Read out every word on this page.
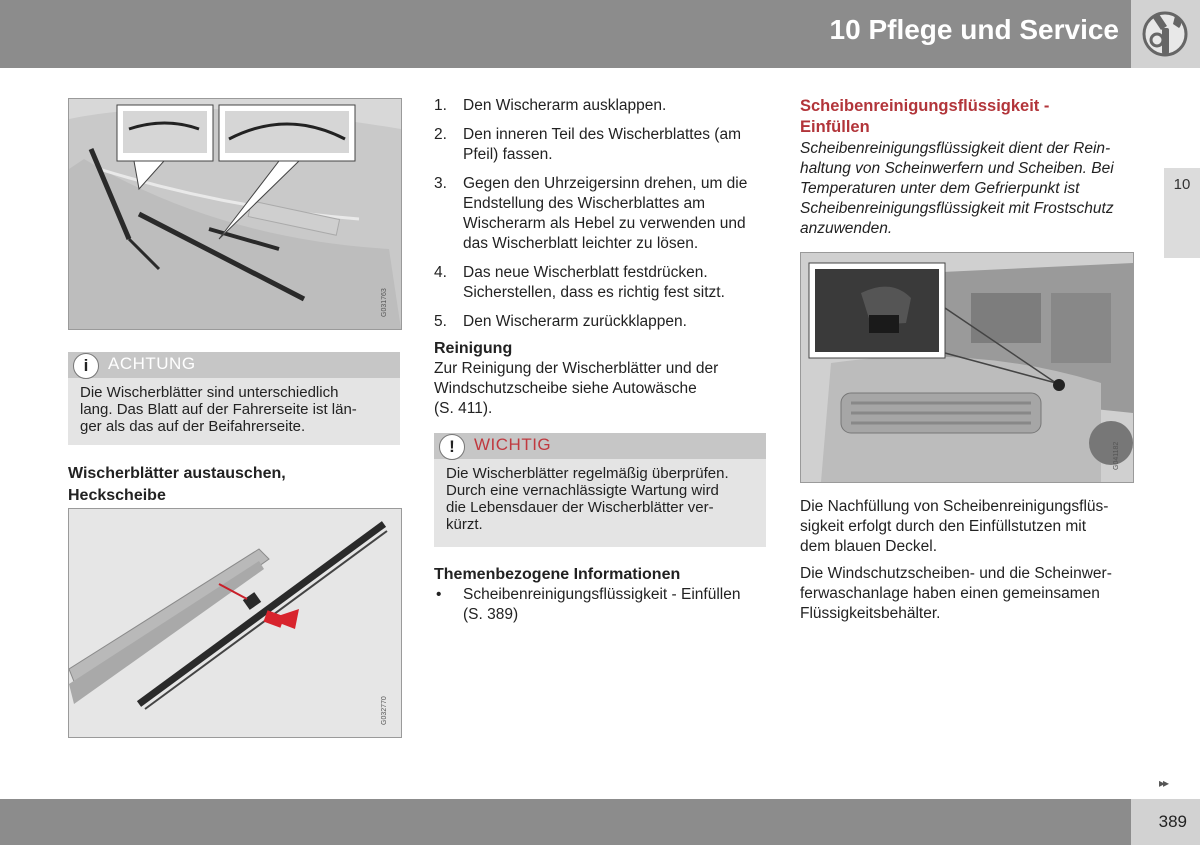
10 Pflege und Service
10
G031763
i	ACHTUNG
Die Wischerblätter sind unterschiedlich
lang. Das Blatt auf der Fahrerseite ist län-
ger als das auf der Beifahrerseite.
Wischerblätter austauschen,
Heckscheibe
G032770
1. Den Wischerarm ausklappen.
2. Den inneren Teil des Wischerblattes (am
Pfeil) fassen.
3. Gegen den Uhrzeigersinn drehen, um die
Endstellung des Wischerblattes am
Wischerarm als Hebel zu verwenden und
das Wischerblatt leichter zu lösen.
4. Das neue Wischerblatt festdrücken.
Sicherstellen, dass es richtig fest sitzt.
5. Den Wischerarm zurückklappen.
Reinigung
Zur Reinigung der Wischerblätter und der
Windschutzscheibe siehe Autowäsche
(S. 411).
!	WICHTIG
Die Wischerblätter regelmäßig überprüfen.
Durch eine vernachlässigte Wartung wird
die Lebensdauer der Wischerblätter ver-
kürzt.
Themenbezogene Informationen
• Scheibenreinigungsflüssigkeit - Einfüllen
(S. 389)
Scheibenreinigungsflüssigkeit -
Einfüllen
Scheibenreinigungsflüssigkeit dient der Rein-
haltung von Scheinwerfern und Scheiben. Bei
Temperaturen unter dem Gefrierpunkt ist
Scheibenreinigungsflüssigkeit mit Frostschutz
anzuwenden.
G041182
Die Nachfüllung von Scheibenreinigungsflüs-
sigkeit erfolgt durch den Einfüllstutzen mit
dem blauen Deckel.
Die Windschutzscheiben- und die Scheinwer-
ferwaschanlage haben einen gemeinsamen
Flüssigkeitsbehälter.
▸▸
389
